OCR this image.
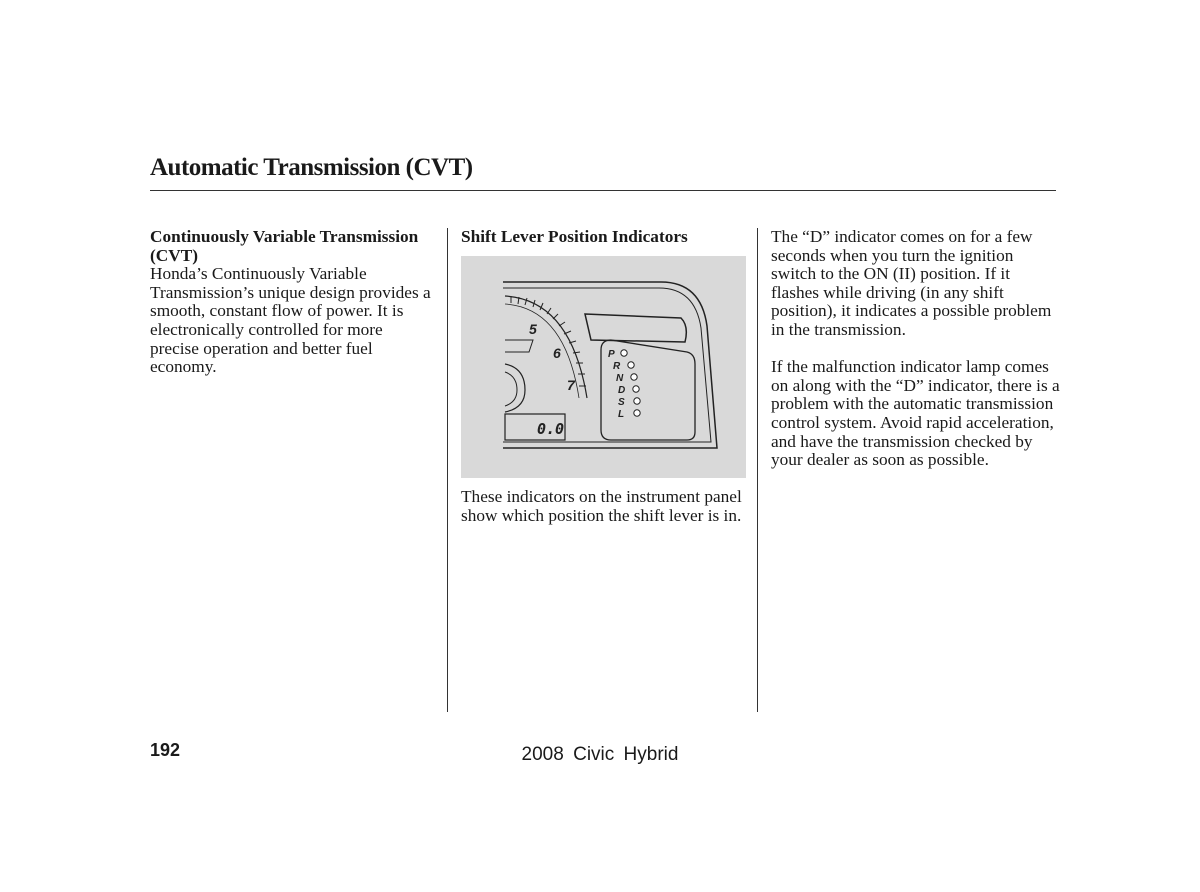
Automatic Transmission (CVT)
Continuously Variable Transmission (CVT)

Honda’s Continuously Variable Transmission’s unique design provides a smooth, constant flow of power. It is electronically controlled for more precise operation and better fuel economy.

Shift Lever Position Indicators
5
6
7
0.0
P
R
N
D
S
L
These indicators on the instrument panel show which position the shift lever is in.

The “D” indicator comes on for a few seconds when you turn the ignition switch to the ON (II) position. If it flashes while driving (in any shift position), it indicates a possible problem in the transmission.

If the malfunction indicator lamp comes on along with the “D” indicator, there is a problem with the automatic transmission control system. Avoid rapid acceleration, and have the transmission checked by your dealer as soon as possible.

192	2008 Civic Hybrid
